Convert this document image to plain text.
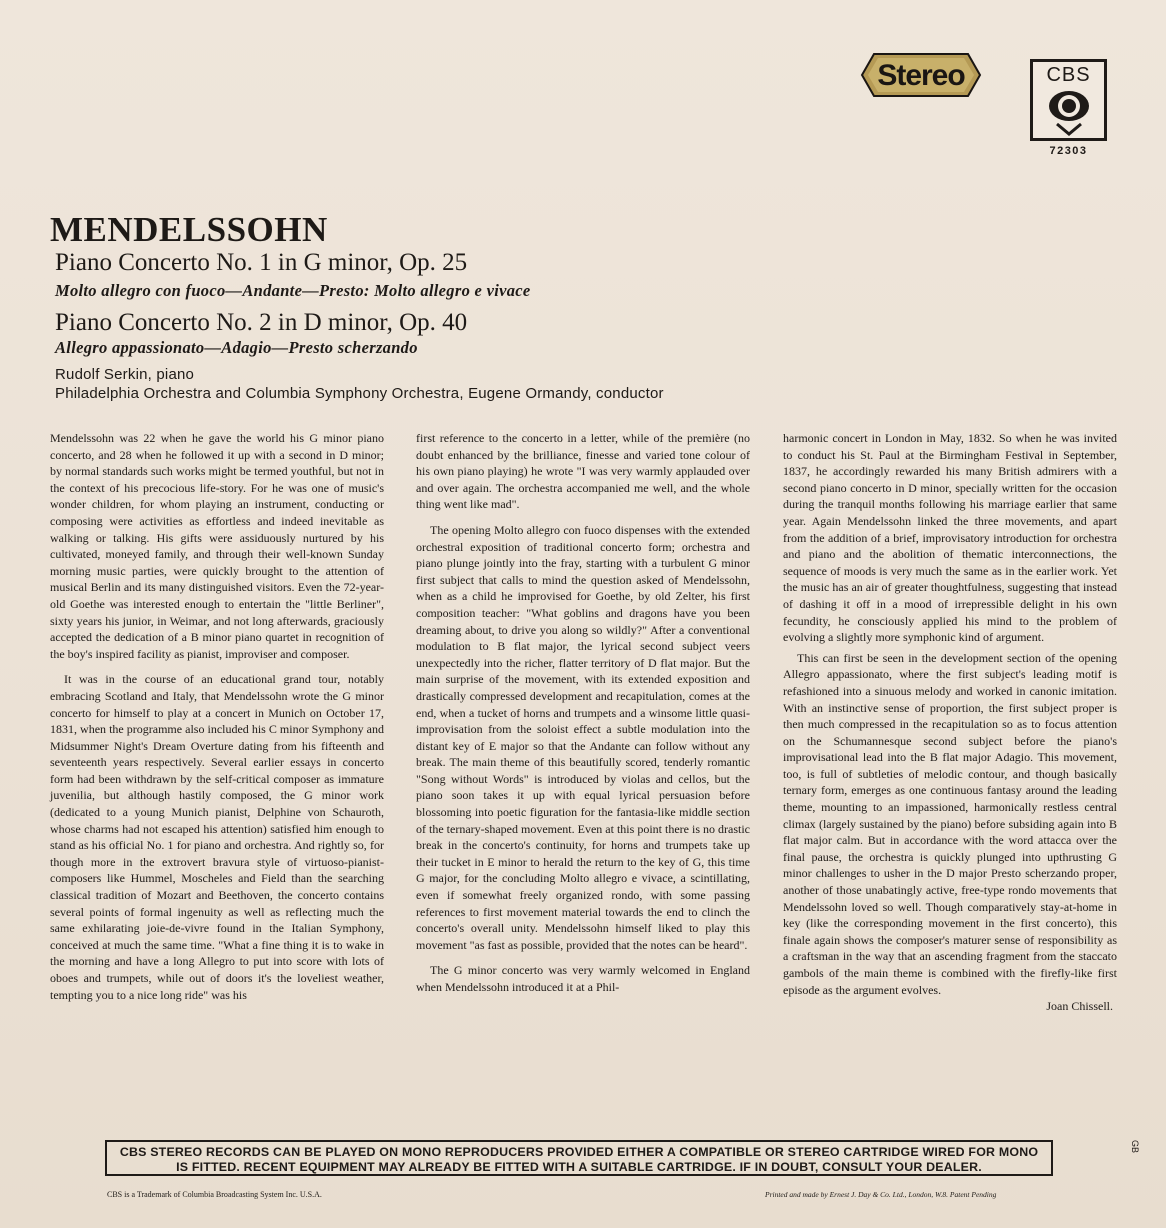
Stereo	CBS
72303
MENDELSSOHN
Piano Concerto No. 1 in G minor, Op. 25
Molto allegro con fuoco—Andante—Presto: Molto allegro e vivace
Piano Concerto No. 2 in D minor, Op. 40
Allegro appassionato—Adagio—Presto scherzando
Rudolf Serkin, piano
Philadelphia Orchestra and Columbia Symphony Orchestra, Eugene Ormandy, conductor

Mendelssohn was 22 when he gave the world his G minor piano concerto, and 28 when he followed it up with a second in D minor; by normal standards such works might be termed youthful, but not in the context of his precocious life-story. For he was one of music's wonder children, for whom playing an instrument, conducting or composing were activities as effortless and indeed inevitable as walking or talking. His gifts were assiduously nurtured by his cultivated, moneyed family, and through their well-known Sunday morning music parties, were quickly brought to the attention of musical Berlin and its many distinguished visitors. Even the 72-year-old Goethe was interested enough to entertain the "little Berliner", sixty years his junior, in Weimar, and not long afterwards, graciously accepted the dedication of a B minor piano quartet in recognition of the boy's inspired facility as pianist, improviser and composer.

It was in the course of an educational grand tour, notably embracing Scotland and Italy, that Mendelssohn wrote the G minor concerto for himself to play at a concert in Munich on October 17, 1831, when the programme also included his C minor Symphony and Midsummer Night's Dream Overture dating from his fifteenth and seventeenth years respectively. Several earlier essays in concerto form had been withdrawn by the self-critical composer as immature juvenilia, but although hastily composed, the G minor work (dedicated to a young Munich pianist, Delphine von Schauroth, whose charms had not escaped his attention) satisfied him enough to stand as his official No. 1 for piano and orchestra. And rightly so, for though more in the extrovert bravura style of virtuoso-pianist-composers like Hummel, Moscheles and Field than the searching classical tradition of Mozart and Beethoven, the concerto contains several points of formal ingenuity as well as reflecting much the same exhilarating joie-de-vivre found in the Italian Symphony, conceived at much the same time. "What a fine thing it is to wake in the morning and have a long Allegro to put into score with lots of oboes and trumpets, while out of doors it's the loveliest weather, tempting you to a nice long ride" was his

first reference to the concerto in a letter, while of the première (no doubt enhanced by the brilliance, finesse and varied tone colour of his own piano playing) he wrote "I was very warmly applauded over and over again. The orchestra accompanied me well, and the whole thing went like mad".

The opening Molto allegro con fuoco dispenses with the extended orchestral exposition of traditional concerto form; orchestra and piano plunge jointly into the fray, starting with a turbulent G minor first subject that calls to mind the question asked of Mendelssohn, when as a child he improvised for Goethe, by old Zelter, his first composition teacher: "What goblins and dragons have you been dreaming about, to drive you along so wildly?" After a conventional modulation to B flat major, the lyrical second subject veers unexpectedly into the richer, flatter territory of D flat major. But the main surprise of the movement, with its extended exposition and drastically compressed development and recapitulation, comes at the end, when a tucket of horns and trumpets and a winsome little quasi-improvisation from the soloist effect a subtle modulation into the distant key of E major so that the Andante can follow without any break. The main theme of this beautifully scored, tenderly romantic "Song without Words" is introduced by violas and cellos, but the piano soon takes it up with equal lyrical persuasion before blossoming into poetic figuration for the fantasia-like middle section of the ternary-shaped movement. Even at this point there is no drastic break in the concerto's continuity, for horns and trumpets take up their tucket in E minor to herald the return to the key of G, this time G major, for the concluding Molto allegro e vivace, a scintillating, even if somewhat freely organized rondo, with some passing references to first movement material towards the end to clinch the concerto's overall unity. Mendelssohn himself liked to play this movement "as fast as possible, provided that the notes can be heard".

The G minor concerto was very warmly welcomed in England when Mendelssohn introduced it at a Phil-

harmonic concert in London in May, 1832. So when he was invited to conduct his St. Paul at the Birmingham Festival in September, 1837, he accordingly rewarded his many British admirers with a second piano concerto in D minor, specially written for the occasion during the tranquil months following his marriage earlier that same year. Again Mendelssohn linked the three movements, and apart from the addition of a brief, improvisatory introduction for orchestra and piano and the abolition of thematic interconnections, the sequence of moods is very much the same as in the earlier work. Yet the music has an air of greater thoughtfulness, suggesting that instead of dashing it off in a mood of irrepressible delight in his own fecundity, he consciously applied his mind to the problem of evolving a slightly more symphonic kind of argument.

This can first be seen in the development section of the opening Allegro appassionato, where the first subject's leading motif is refashioned into a sinuous melody and worked in canonic imitation. With an instinctive sense of proportion, the first subject proper is then much compressed in the recapitulation so as to focus attention on the Schumannesque second subject before the piano's improvisational lead into the B flat major Adagio. This movement, too, is full of subtleties of melodic contour, and though basically ternary form, emerges as one continuous fantasy around the leading theme, mounting to an impassioned, harmonically restless central climax (largely sustained by the piano) before subsiding again into B flat major calm. But in accordance with the word attacca over the final pause, the orchestra is quickly plunged into upthrusting G minor challenges to usher in the D major Presto scherzando proper, another of those unabatingly active, free-type rondo movements that Mendelssohn loved so well. Though comparatively stay-at-home in key (like the corresponding movement in the first concerto), this finale again shows the composer's maturer sense of responsibility as a craftsman in the way that an ascending fragment from the staccato gambols of the main theme is combined with the firefly-like first episode as the argument evolves.

Joan Chissell.

CBS STEREO RECORDS CAN BE PLAYED ON MONO REPRODUCERS PROVIDED EITHER A COMPATIBLE OR STEREO CARTRIDGE WIRED FOR MONO IS FITTED. RECENT EQUIPMENT MAY ALREADY BE FITTED WITH A SUITABLE CARTRIDGE. IF IN DOUBT, CONSULT YOUR DEALER.
GB
CBS is a Trademark of Columbia Broadcasting System Inc. U.S.A.	Printed and made by Ernest J. Day & Co. Ltd., London, W.8. Patent Pending
